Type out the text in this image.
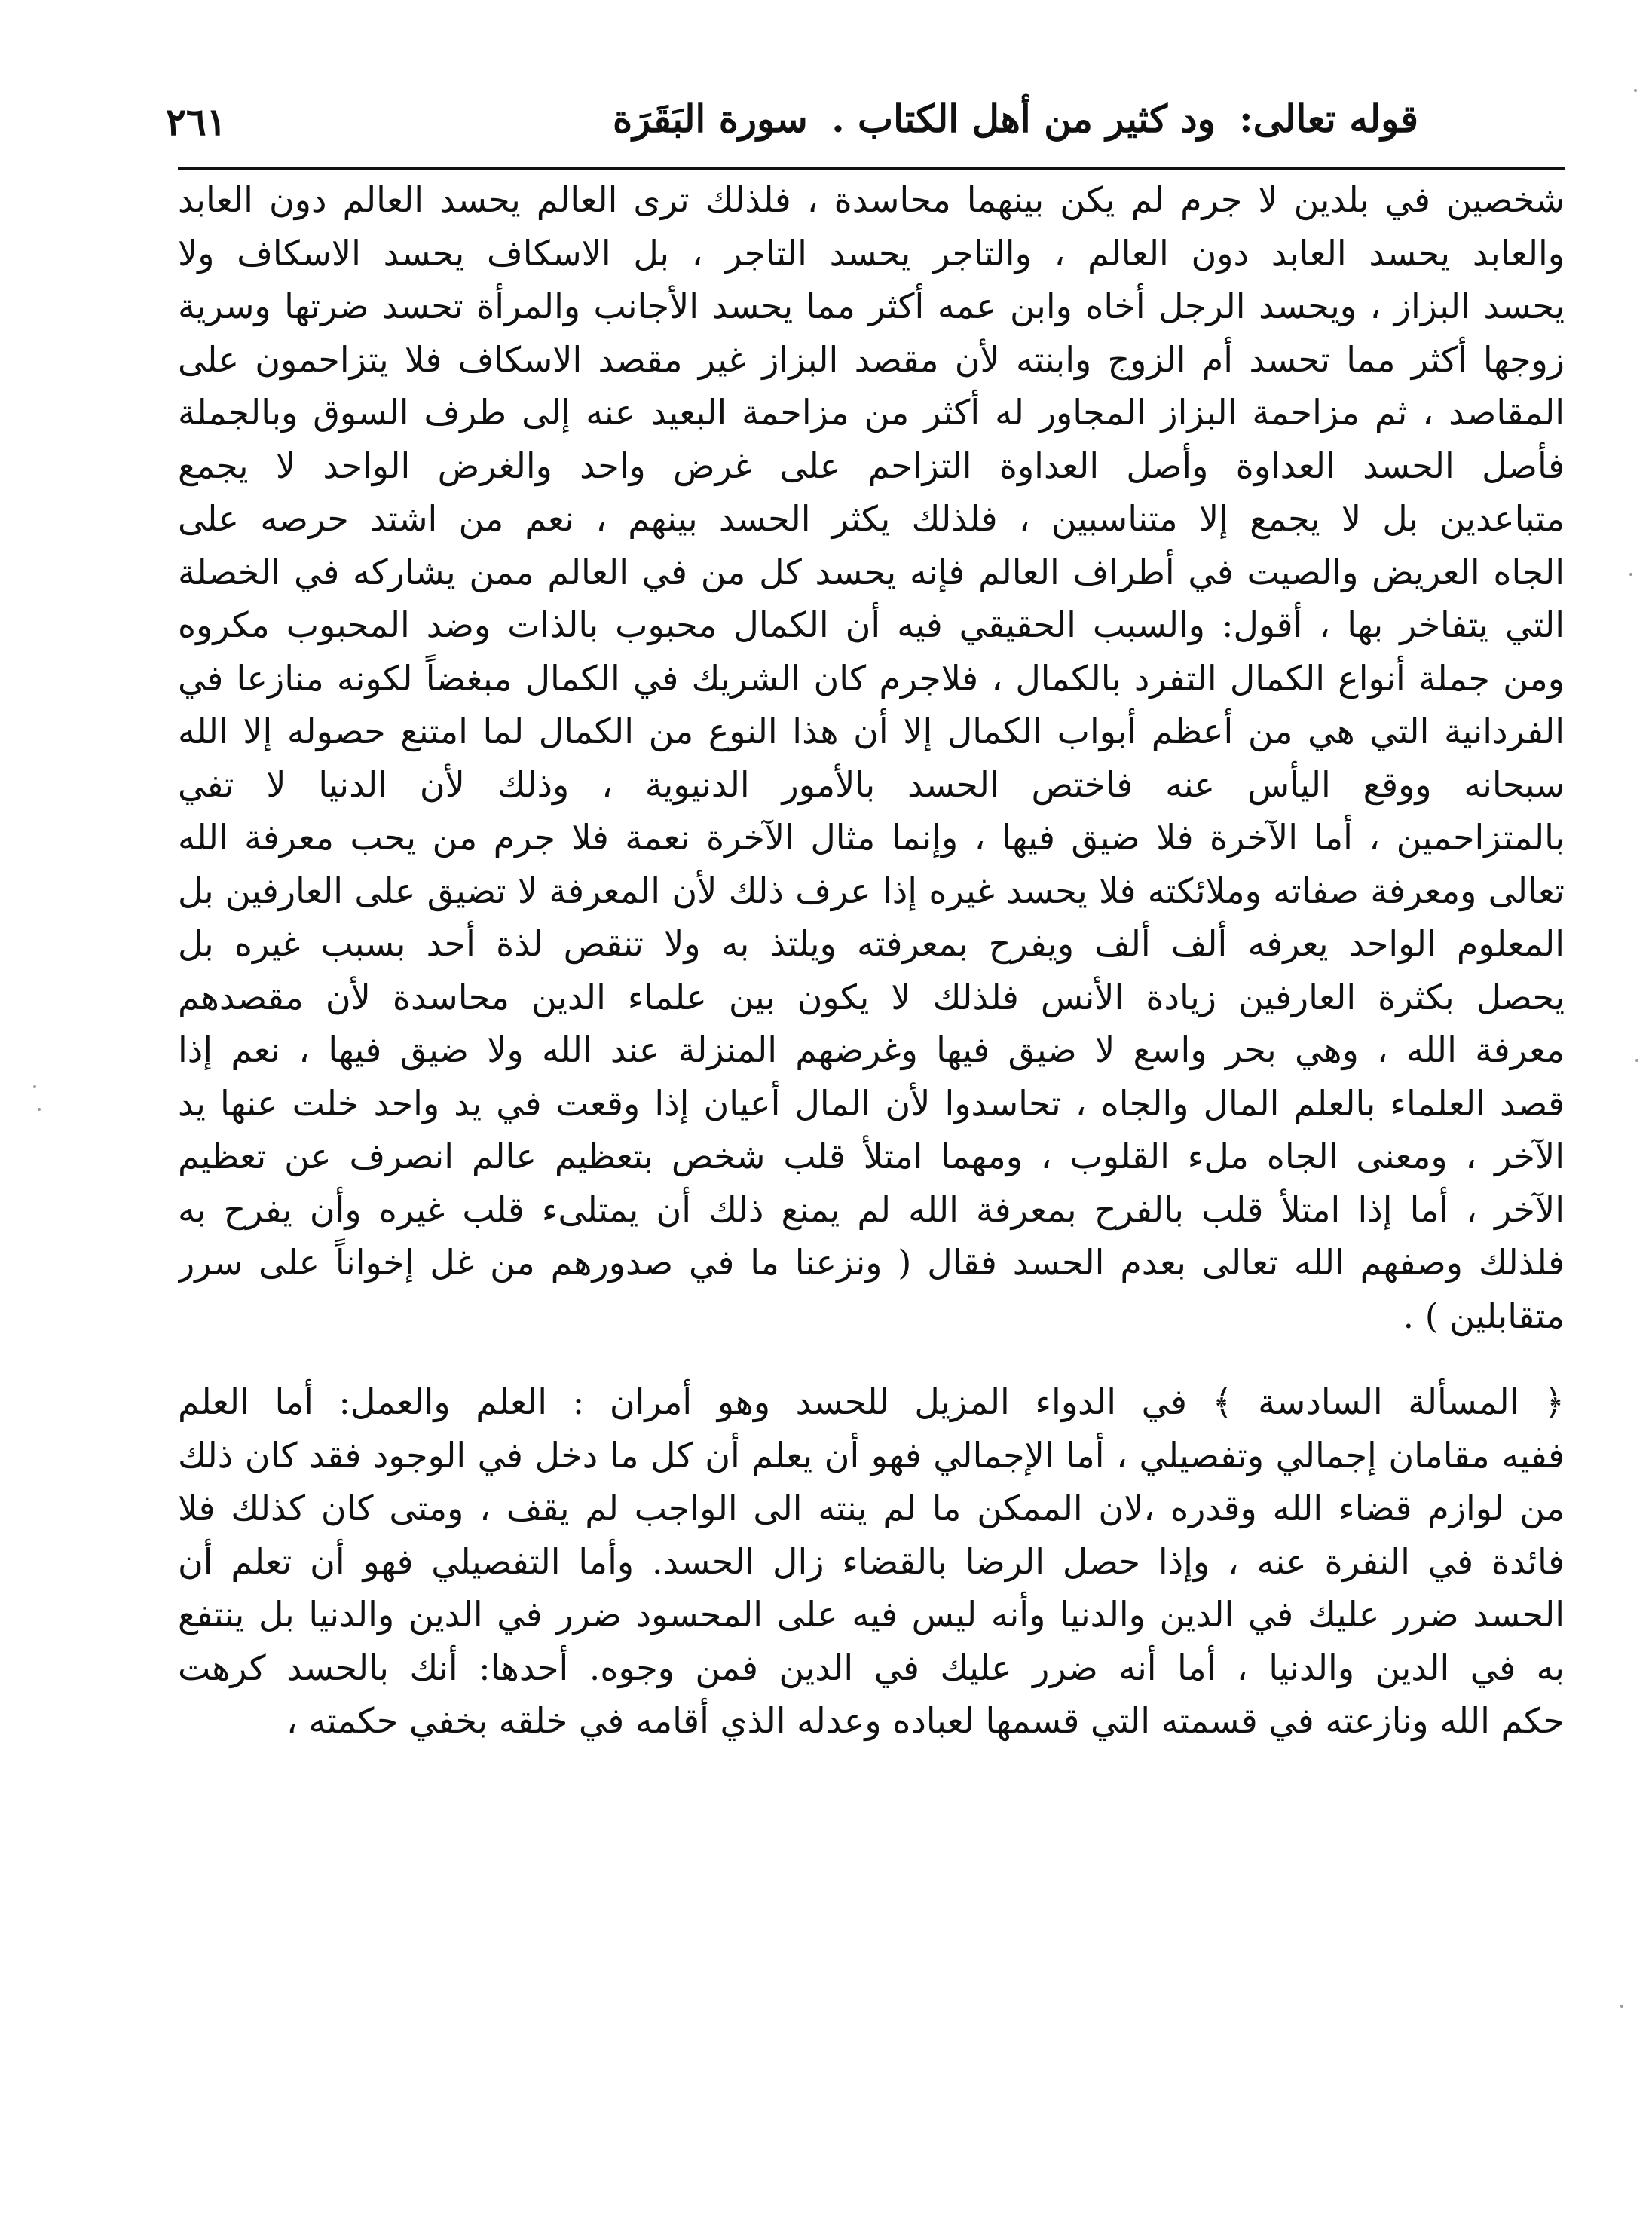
قوله تعالى: ود كثير من أهل الكتاب . سورة البَقَرَة
٢٦١
شخصين في بلدين لا جرم لم يكن بينهما محاسدة ، فلذلك ترى العالم يحسد العالم دون العابد
والعابد يحسد العابد دون العالم ، والتاجر يحسد التاجر ، بل الاسكاف يحسد الاسكاف ولا
يحسد البزاز ، ويحسد الرجل أخاه وابن عمه أكثر مما يحسد الأجانب والمرأة تحسد ضرتها وسرية
زوجها أكثر مما تحسد أم الزوج وابنته لأن مقصد البزاز غير مقصد الاسكاف فلا يتزاحمون على
المقاصد ، ثم مزاحمة البزاز المجاور له أكثر من مزاحمة البعيد عنه إلى طرف السوق وبالجملة
فأصل الحسد العداوة وأصل العداوة التزاحم على غرض واحد والغرض الواحد لا يجمع
متباعدين بل لا يجمع إلا متناسبين ، فلذلك يكثر الحسد بينهم ، نعم من اشتد حرصه على
الجاه العريض والصيت في أطراف العالم فإنه يحسد كل من في العالم ممن يشاركه في الخصلة
التي يتفاخر بها ، أقول: والسبب الحقيقي فيه أن الكمال محبوب بالذات وضد المحبوب مكروه
ومن جملة أنواع الكمال التفرد بالكمال ، فلاجرم كان الشريك في الكمال مبغضاً لكونه منازعا في
الفردانية التي هي من أعظم أبواب الكمال إلا أن هذا النوع من الكمال لما امتنع حصوله إلا الله
سبحانه ووقع اليأس عنه فاختص الحسد بالأمور الدنيوية ، وذلك لأن الدنيا لا تفي
بالمتزاحمين ، أما الآخرة فلا ضيق فيها ، وإنما مثال الآخرة نعمة فلا جرم من يحب معرفة الله
تعالى ومعرفة صفاته وملائكته فلا يحسد غيره إذا عرف ذلك لأن المعرفة لا تضيق على العارفين بل
المعلوم الواحد يعرفه ألف ألف ويفرح بمعرفته ويلتذ به ولا تنقص لذة أحد بسبب غيره بل
يحصل بكثرة العارفين زيادة الأنس فلذلك لا يكون بين علماء الدين محاسدة لأن مقصدهم
معرفة الله ، وهي بحر واسع لا ضيق فيها وغرضهم المنزلة عند الله ولا ضيق فيها ، نعم إذا
قصد العلماء بالعلم المال والجاه ، تحاسدوا لأن المال أعيان إذا وقعت في يد واحد خلت عنها يد
الآخر ، ومعنى الجاه ملء القلوب ، ومهما امتلأ قلب شخص بتعظيم عالم انصرف عن تعظيم
الآخر ، أما إذا امتلأ قلب بالفرح بمعرفة الله لم يمنع ذلك أن يمتلىء قلب غيره وأن يفرح به
فلذلك وصفهم الله تعالى بعدم الحسد فقال ( ونزعنا ما في صدورهم من غل إخواناً على سرر
متقابلين ) .
﴿ المسألة السادسة ﴾ في الدواء المزيل للحسد وهو أمران : العلم والعمل: أما العلم
ففيه مقامان إجمالي وتفصيلي ، أما الإجمالي فهو أن يعلم أن كل ما دخل في الوجود فقد كان ذلك
من لوازم قضاء الله وقدره ،لان الممكن ما لم ينته الى الواجب لم يقف ، ومتى كان كذلك فلا
فائدة في النفرة عنه ، وإذا حصل الرضا بالقضاء زال الحسد. وأما التفصيلي فهو أن تعلم أن
الحسد ضرر عليك في الدين والدنيا وأنه ليس فيه على المحسود ضرر في الدين والدنيا بل ينتفع
به في الدين والدنيا ، أما أنه ضرر عليك في الدين فمن وجوه. أحدها: أنك بالحسد كرهت
حكم الله ونازعته في قسمته التي قسمها لعباده وعدله الذي أقامه في خلقه بخفي حكمته ،
